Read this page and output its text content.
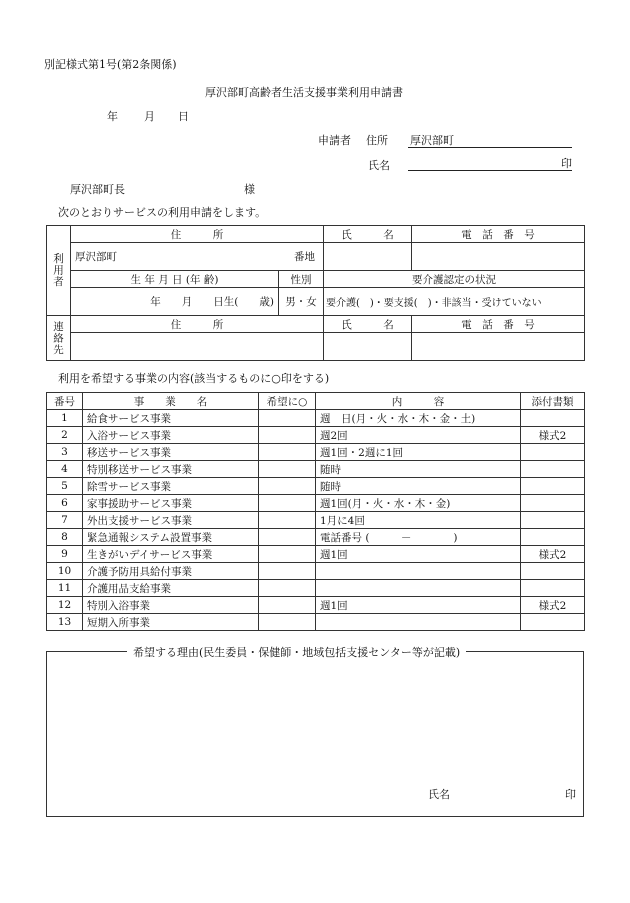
別記様式第1号(第2条関係)
厚沢部町高齢者生活支援事業利用申請書
年 月 日
申請者 住所 厚沢部町
氏名	印
厚沢部町長	様
次のとおりサービスの利用申請をします。
利用者	住　　　所		氏　　　名	電　話　番　号
	厚沢部町 番地			

	生 年 月 日 (年 齢)	性別	要介護認定の状況	
	年　　月　　日生(　　歳)	男・女	要介護(　)・要支援(　)・非該当・受けていない	
連絡先	住　　　所		氏　　　名	電　話　番　号

利用を希望する事業の内容(該当するものに○印をする)
番号	事　　業　　名	希望に○	内　　　容	添付書類
1	給食サービス事業		週　日(月・火・水・木・金・土)	
2	入浴サービス事業		週2回	様式2
3	移送サービス事業		週1回・2週に1回	
4	特別移送サービス事業		随時	
5	除雪サービス事業		随時	
6	家事援助サービス事業		週1回(月・火・水・木・金)	
7	外出支援サービス事業		1月に4回	
8	緊急通報システム設置事業		電話番号 (　　　－　　　　)	
9	生きがいデイサービス事業		週1回	様式2
10	介護予防用具給付事業			
11	介護用品支給事業			
12	特別入浴事業		週1回	様式2
13	短期入所事業			
希望する理由(民生委員・保健師・地域包括支援センター等が記載)
氏名	印
